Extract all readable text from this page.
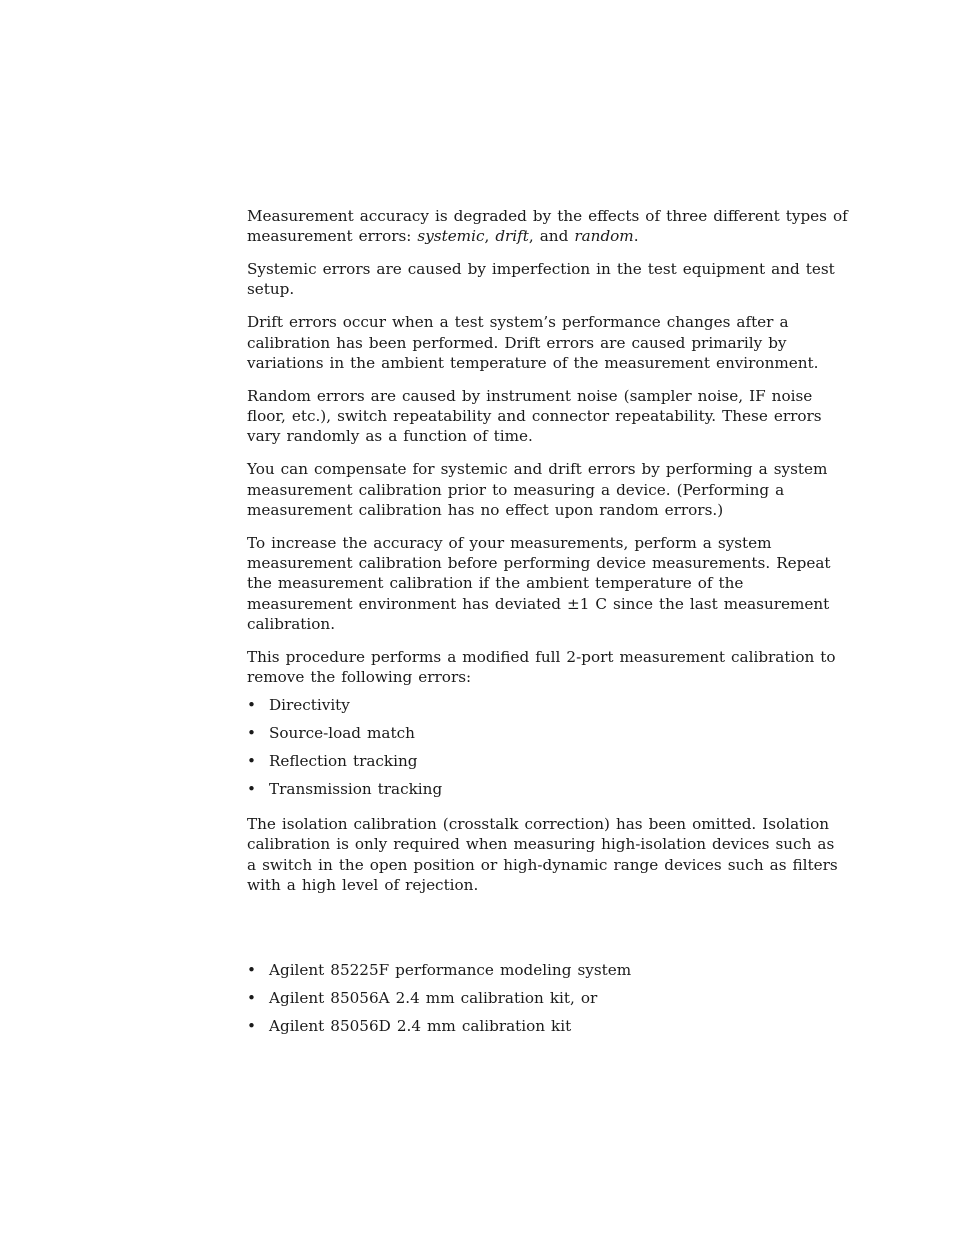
Measurement accuracy is degraded by the effects of three different types of measurement errors: systemic, drift, and random.

Systemic errors are caused by imperfection in the test equipment and test setup.

Drift errors occur when a test system’s performance changes after a calibration has been performed. Drift errors are caused primarily by variations in the ambient temperature of the measurement environment.

Random errors are caused by instrument noise (sampler noise, IF noise floor, etc.), switch repeatability and connector repeatability. These errors vary randomly as a function of time.

You can compensate for systemic and drift errors by performing a system measurement calibration prior to measuring a device. (Performing a measurement calibration has no effect upon random errors.)

To increase the accuracy of your measurements, perform a system measurement calibration before performing device measurements. Repeat the measurement calibration if the ambient temperature of the measurement environment has deviated ±1 C since the last measurement calibration.

This procedure performs a modified full 2-port measurement calibration to remove the following errors:

• Directivity
• Source-load match
• Reflection tracking
• Transmission tracking

The isolation calibration (crosstalk correction) has been omitted. Isolation calibration is only required when measuring high-isolation devices such as a switch in the open position or high-dynamic range devices such as filters with a high level of rejection.

• Agilent 85225F performance modeling system
• Agilent 85056A 2.4 mm calibration kit, or
• Agilent 85056D 2.4 mm calibration kit
